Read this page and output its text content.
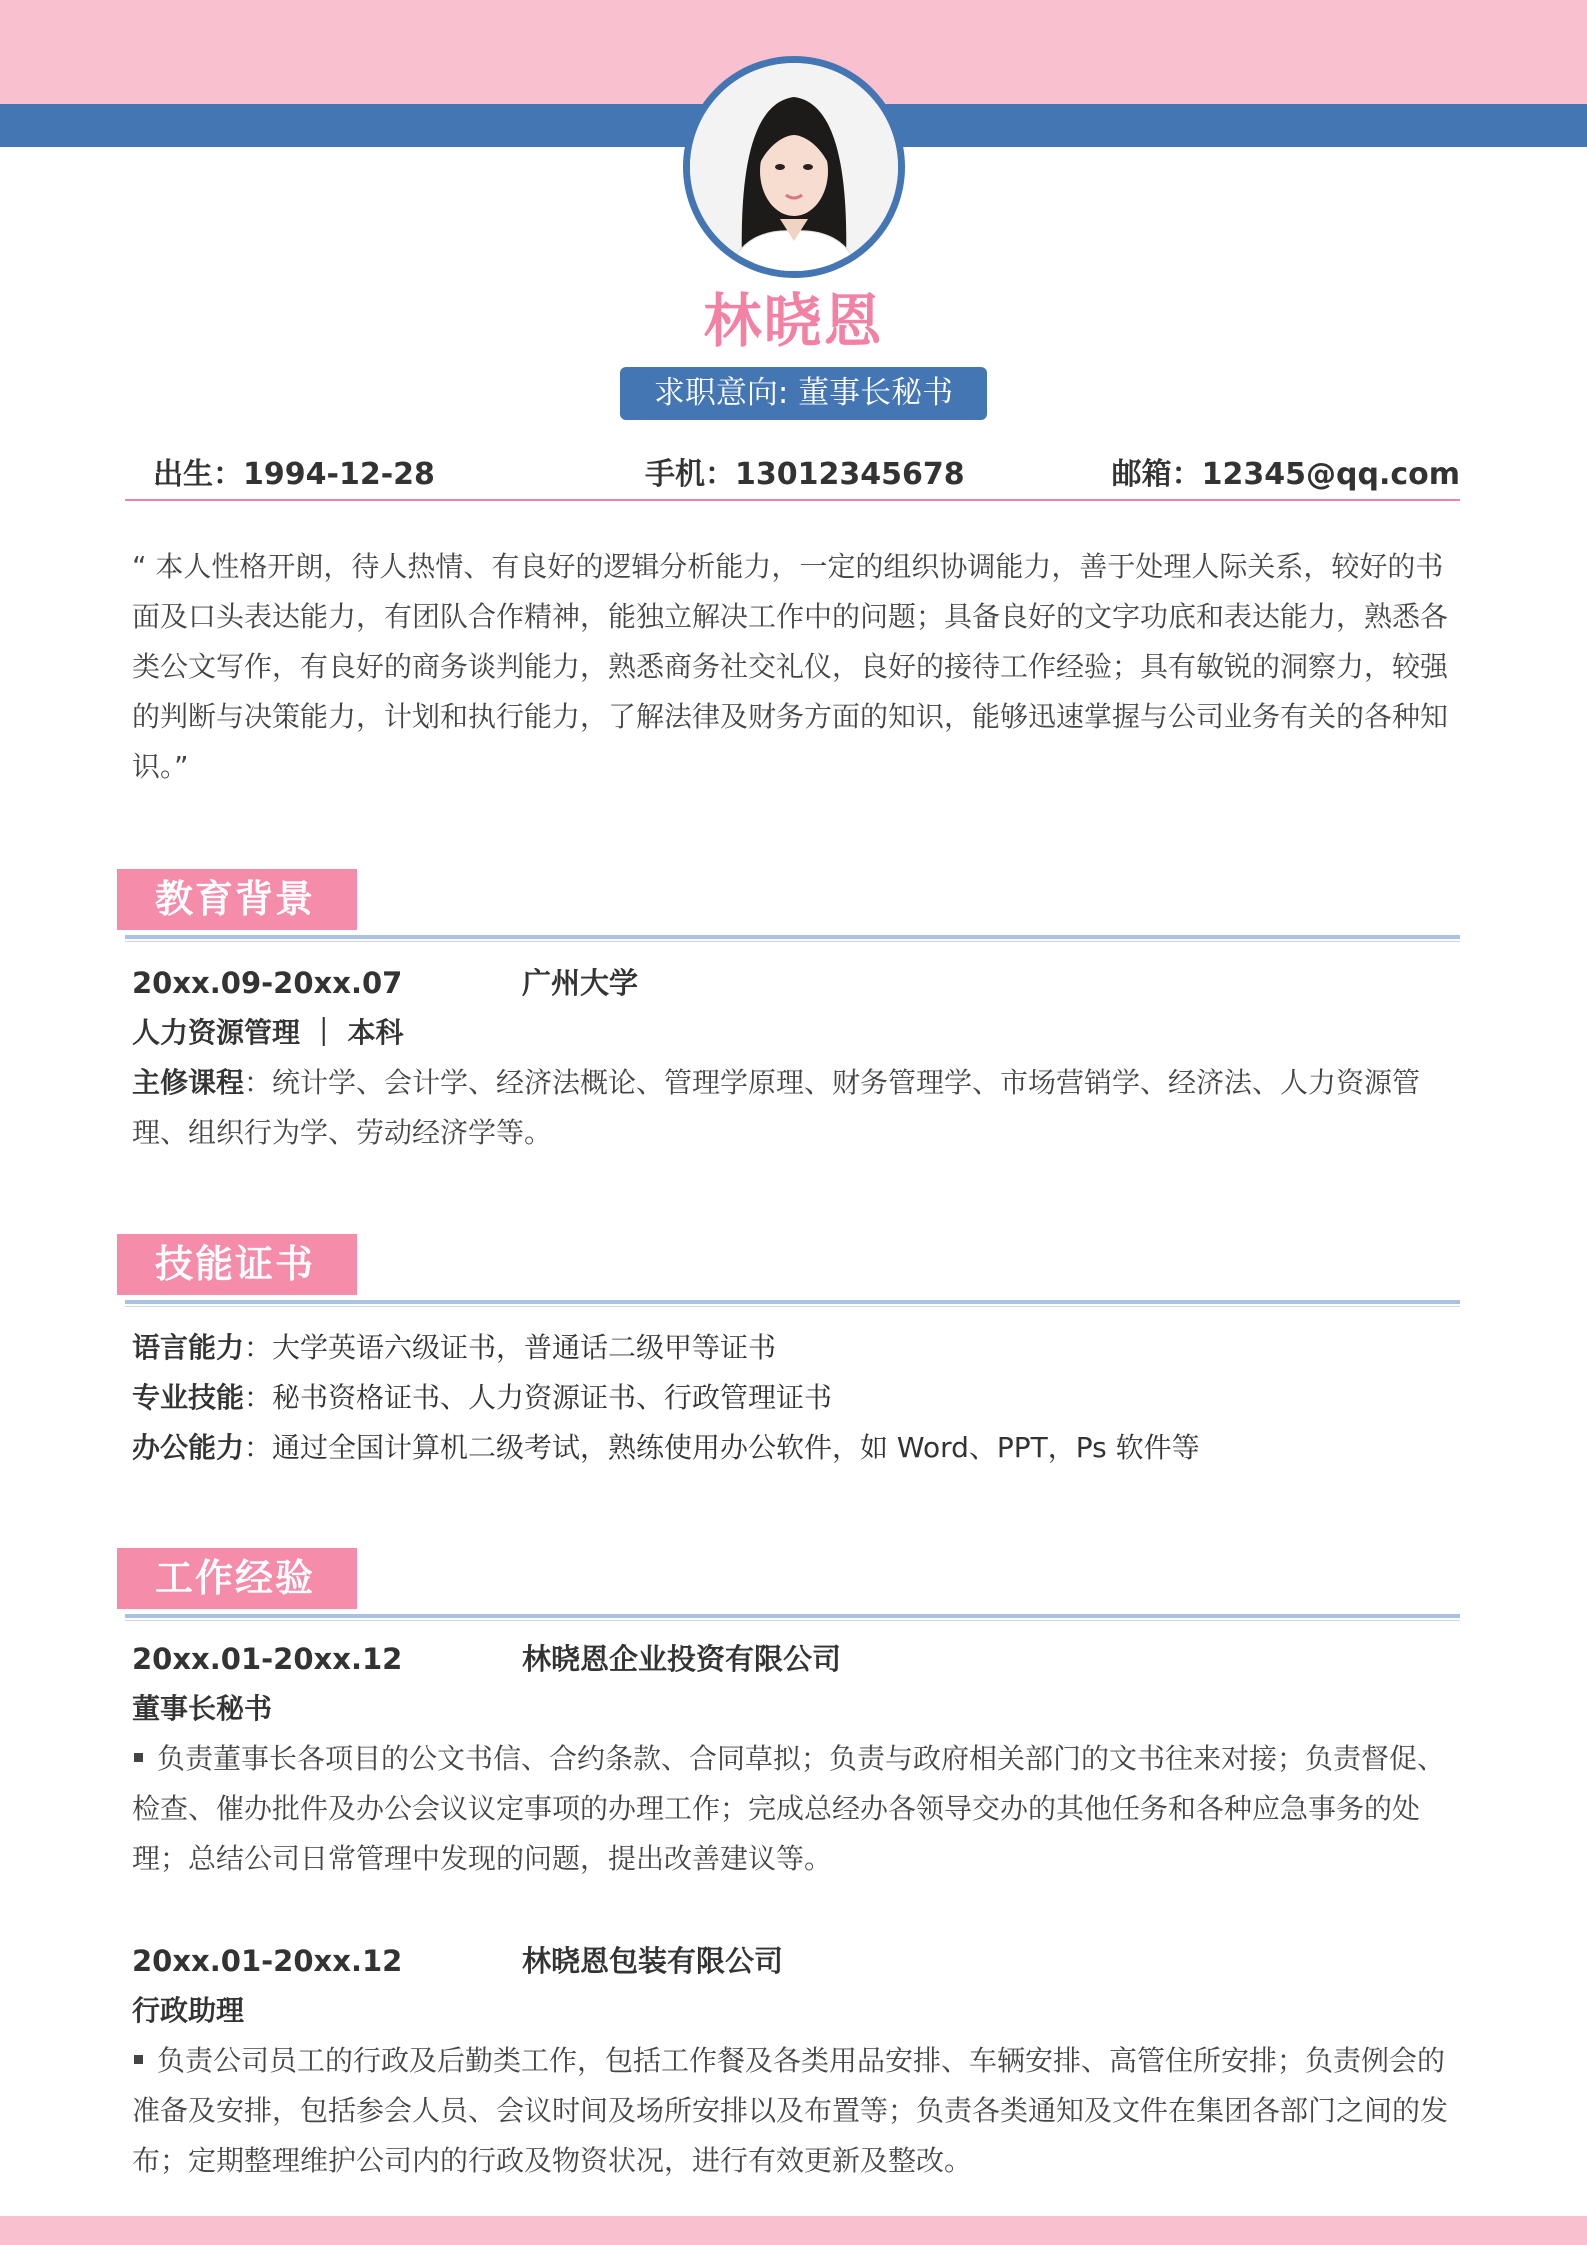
林晓恩
求职意向: 董事长秘书
出生：1994-12-28	手机：13012345678	邮箱：12345@qq.com
“ 本人性格开朗，待人热情、有良好的逻辑分析能力，一定的组织协调能力，善于处理人际关系，较好的书面及口头表达能力，有团队合作精神，能独立解决工作中的问题；具备良好的文字功底和表达能力，熟悉各类公文写作，有良好的商务谈判能力，熟悉商务社交礼仪，良好的接待工作经验；具有敏锐的洞察力，较强的判断与决策能力，计划和执行能力，了解法律及财务方面的知识，能够迅速掌握与公司业务有关的各种知识。”
教育背景
20xx.09-20xx.07	广州大学
人力资源管理 ｜ 本科
主修课程：统计学、会计学、经济法概论、管理学原理、财务管理学、市场营销学、经济法、人力资源管理、组织行为学、劳动经济学等。
技能证书
语言能力：大学英语六级证书，普通话二级甲等证书
专业技能：秘书资格证书、人力资源证书、行政管理证书
办公能力：通过全国计算机二级考试，熟练使用办公软件，如 Word、PPT，Ps 软件等
工作经验
20xx.01-20xx.12	林晓恩企业投资有限公司
董事长秘书
负责董事长各项目的公文书信、合约条款、合同草拟；负责与政府相关部门的文书往来对接；负责督促、检查、催办批件及办公会议议定事项的办理工作；完成总经办各领导交办的其他任务和各种应急事务的处理；总结公司日常管理中发现的问题，提出改善建议等。
20xx.01-20xx.12	林晓恩包装有限公司
行政助理
负责公司员工的行政及后勤类工作，包括工作餐及各类用品安排、车辆安排、高管住所安排；负责例会的准备及安排，包括参会人员、会议时间及场所安排以及布置等；负责各类通知及文件在集团各部门之间的发布；定期整理维护公司内的行政及物资状况，进行有效更新及整改。
